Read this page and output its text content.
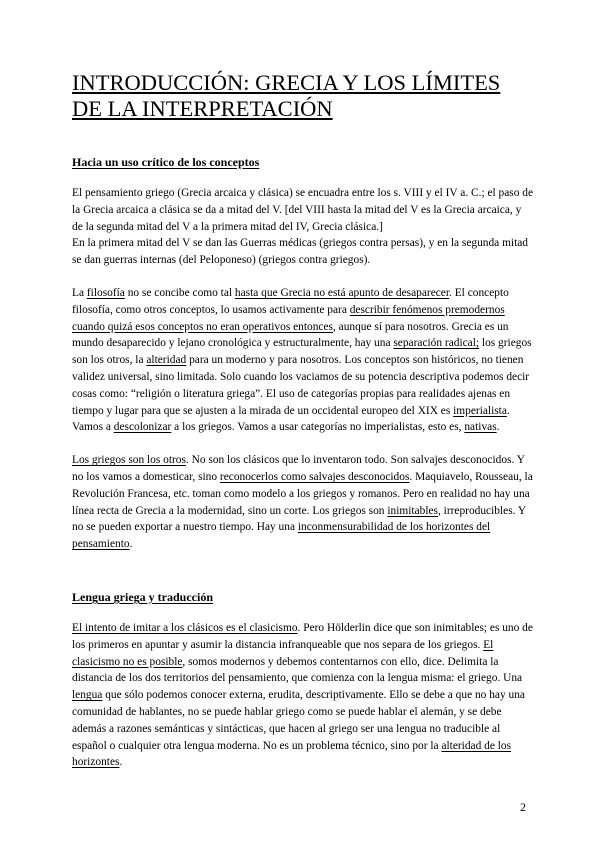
INTRODUCCIÓN: GRECIA Y LOS LÍMITES DE LA INTERPRETACIÓN
Hacia un uso crítico de los conceptos

El pensamiento griego (Grecia arcaica y clásica) se encuadra entre los s. VIII y el IV a. C.; el paso de la Grecia arcaica a clásica se da a mitad del V. [del VIII hasta la mitad del V es la Grecia arcaica, y de la segunda mitad del V a la primera mitad del IV, Grecia clásica.]
En la primera mitad del V se dan las Guerras médicas (griegos contra persas), y en la segunda mitad se dan guerras internas (del Peloponeso) (griegos contra griegos).

La filosofía no se concibe como tal hasta que Grecia no está apunto de desaparecer. El concepto filosofía, como otros conceptos, lo usamos activamente para describir fenómenos premodernos cuando quizá esos conceptos no eran operativos entonces, aunque sí para nosotros. Grecia es un mundo desaparecido y lejano cronológica y estructuralmente, hay una separación radical; los griegos son los otros, la alteridad para un moderno y para nosotros. Los conceptos son históricos, no tienen validez universal, sino limitada. Solo cuando los vaciamos de su potencia descriptiva podemos decir cosas como: “religión o literatura griega”. El uso de categorías propias para realidades ajenas en tiempo y lugar para que se ajusten a la mirada de un occidental europeo del XIX es imperialista. Vamos a descolonizar a los griegos. Vamos a usar categorías no imperialistas, esto es, nativas.

Los griegos son los otros. No son los clásicos que lo inventaron todo. Son salvajes desconocidos. Y no los vamos a domesticar, sino reconocerlos como salvajes desconocidos. Maquiavelo, Rousseau, la Revolución Francesa, etc. toman como modelo a los griegos y romanos. Pero en realidad no hay una línea recta de Grecia a la modernidad, sino un corte. Los griegos son inimitables, irreproducibles. Y no se pueden exportar a nuestro tiempo. Hay una inconmensurabilidad de los horizontes del pensamiento.

Lengua griega y traducción

El intento de imitar a los clásicos es el clasicismo. Pero Hölderlin dice que son inimitables; es uno de los primeros en apuntar y asumir la distancia infranqueable que nos separa de los griegos. El clasicismo no es posible, somos modernos y debemos contentarnos con ello, dice. Delimita la distancia de los dos territorios del pensamiento, que comienza con la lengua misma: el griego. Una lengua que sólo podemos conocer externa, erudita, descriptivamente. Ello se debe a que no hay una comunidad de hablantes, no se puede hablar griego como se puede hablar el alemán, y se debe además a razones semánticas y sintácticas, que hacen al griego ser una lengua no traducible al español o cualquier otra lengua moderna. No es un problema técnico, sino por la alteridad de los horizontes.

2
